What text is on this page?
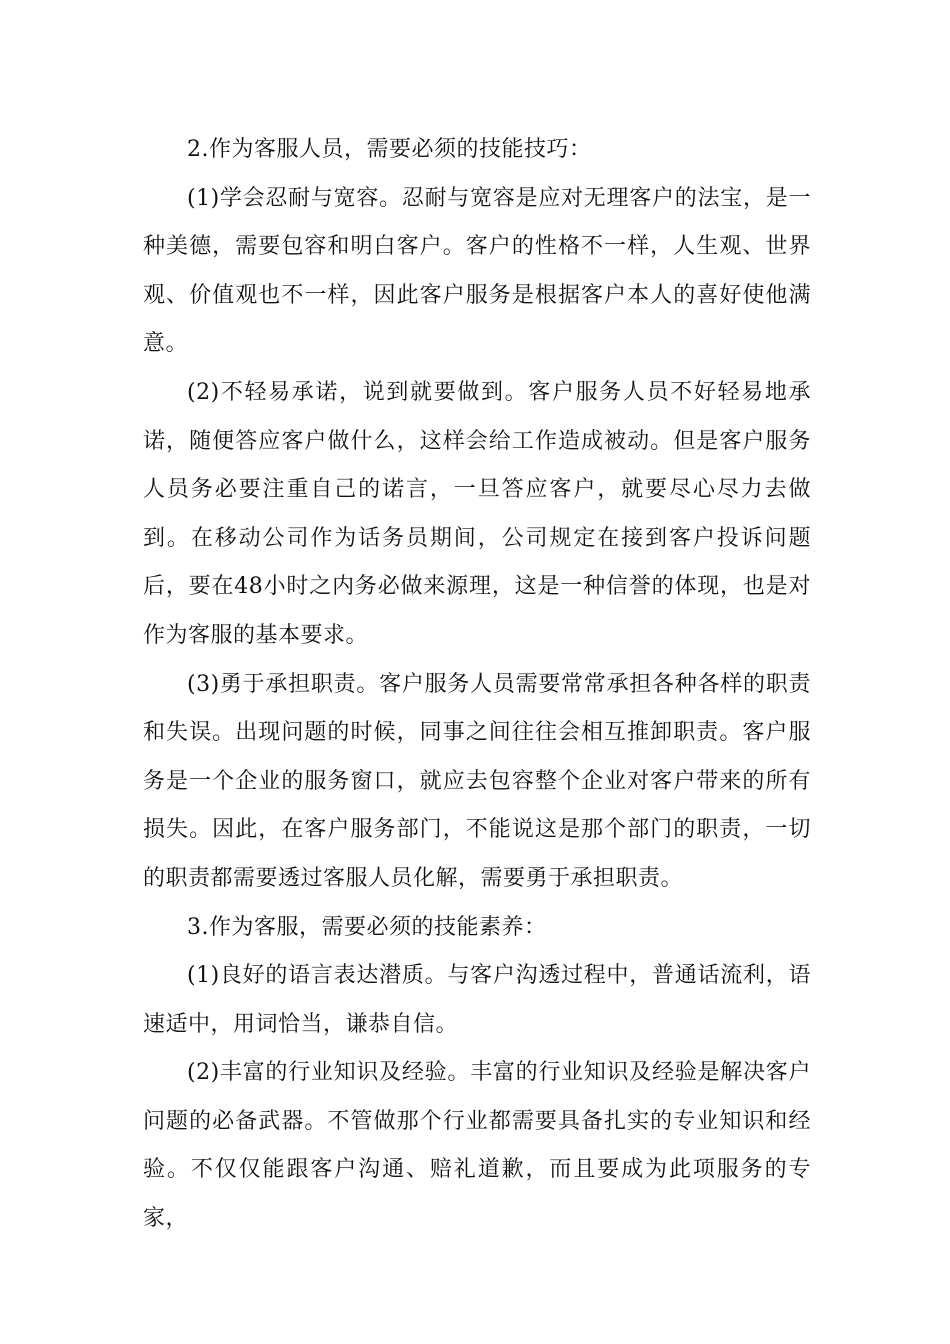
2.作为客服人员，需要必须的技能技巧：

(1)学会忍耐与宽容。忍耐与宽容是应对无理客户的法宝，是一种美德，需要包容和明白客户。客户的性格不一样，人生观、世界观、价值观也不一样，因此客户服务是根据客户本人的喜好使他满意。

(2)不轻易承诺，说到就要做到。客户服务人员不好轻易地承诺，随便答应客户做什么，这样会给工作造成被动。但是客户服务人员务必要注重自己的诺言，一旦答应客户，就要尽心尽力去做到。在移动公司作为话务员期间，公司规定在接到客户投诉问题后，要在48小时之内务必做来源理，这是一种信誉的体现，也是对作为客服的基本要求。

(3)勇于承担职责。客户服务人员需要常常承担各种各样的职责和失误。出现问题的时候，同事之间往往会相互推卸职责。客户服务是一个企业的服务窗口，就应去包容整个企业对客户带来的所有损失。因此，在客户服务部门，不能说这是那个部门的职责，一切的职责都需要透过客服人员化解，需要勇于承担职责。

3.作为客服，需要必须的技能素养：

(1)良好的语言表达潜质。与客户沟透过程中，普通话流利，语速适中，用词恰当，谦恭自信。

(2)丰富的行业知识及经验。丰富的行业知识及经验是解决客户问题的必备武器。不管做那个行业都需要具备扎实的专业知识和经验。不仅仅能跟客户沟通、赔礼道歉，而且要成为此项服务的专家，
